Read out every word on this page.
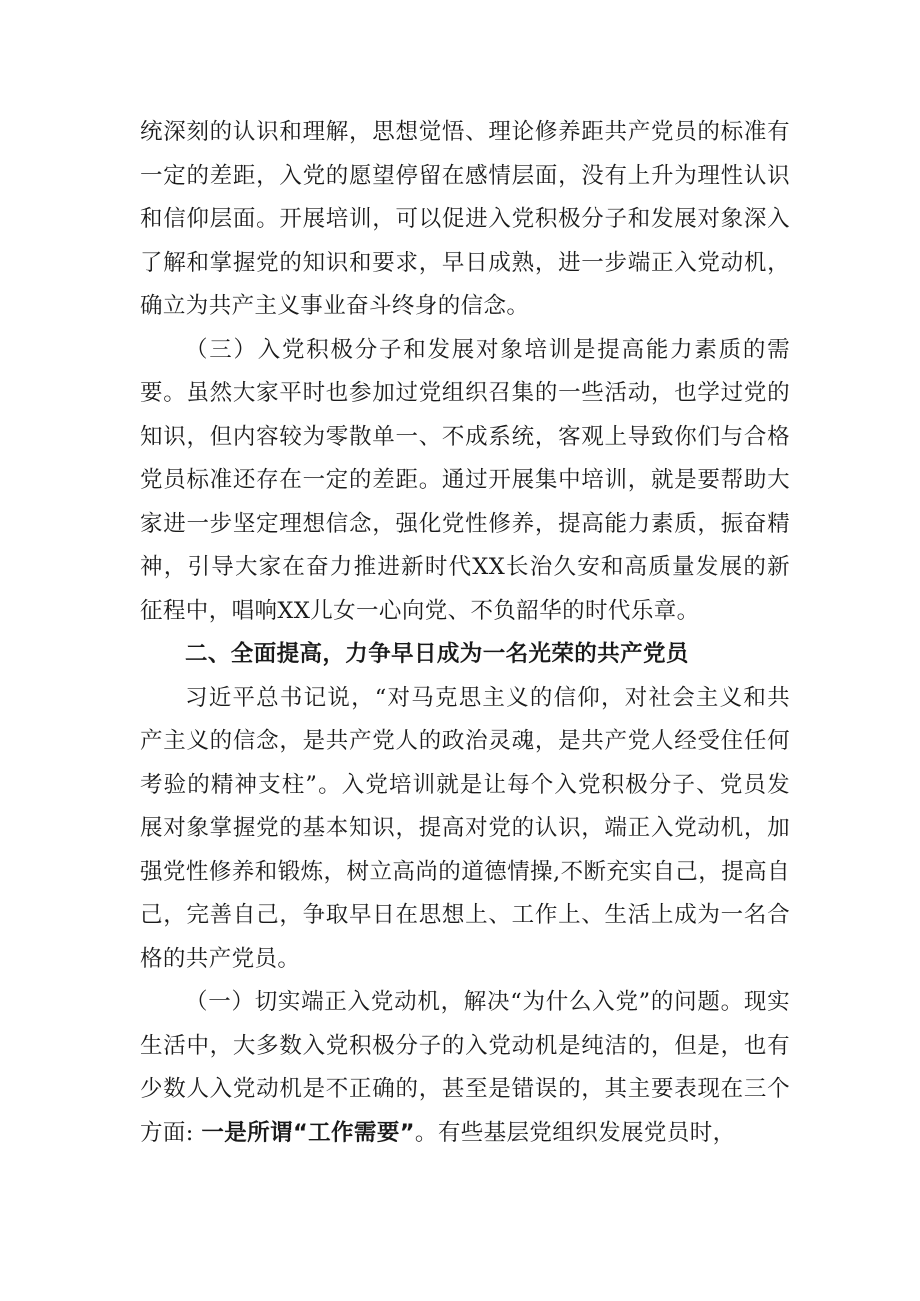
统深刻的认识和理解，思想觉悟、理论修养距共产党员的标准有一定的差距，入党的愿望停留在感情层面，没有上升为理性认识和信仰层面。开展培训，可以促进入党积极分子和发展对象深入了解和掌握党的知识和要求，早日成熟，进一步端正入党动机，确立为共产主义事业奋斗终身的信念。

（三）入党积极分子和发展对象培训是提高能力素质的需要。虽然大家平时也参加过党组织召集的一些活动，也学过党的知识，但内容较为零散单一、不成系统，客观上导致你们与合格党员标准还存在一定的差距。通过开展集中培训，就是要帮助大家进一步坚定理想信念，强化党性修养，提高能力素质，振奋精神，引导大家在奋力推进新时代XX长治久安和高质量发展的新征程中，唱响XX儿女一心向党、不负韶华的时代乐章。

二、全面提高，力争早日成为一名光荣的共产党员

习近平总书记说，“对马克思主义的信仰，对社会主义和共产主义的信念，是共产党人的政治灵魂，是共产党人经受住任何考验的精神支柱”。入党培训就是让每个入党积极分子、党员发展对象掌握党的基本知识，提高对党的认识，端正入党动机，加强党性修养和锻炼，树立高尚的道德情操,不断充实自己，提高自己，完善自己，争取早日在思想上、工作上、生活上成为一名合格的共产党员。

（一）切实端正入党动机，解决“为什么入党”的问题。现实生活中，大多数入党积极分子的入党动机是纯洁的，但是，也有少数人入党动机是不正确的，甚至是错误的，其主要表现在三个方面: 一是所谓“工作需要”。有些基层党组织发展党员时，
